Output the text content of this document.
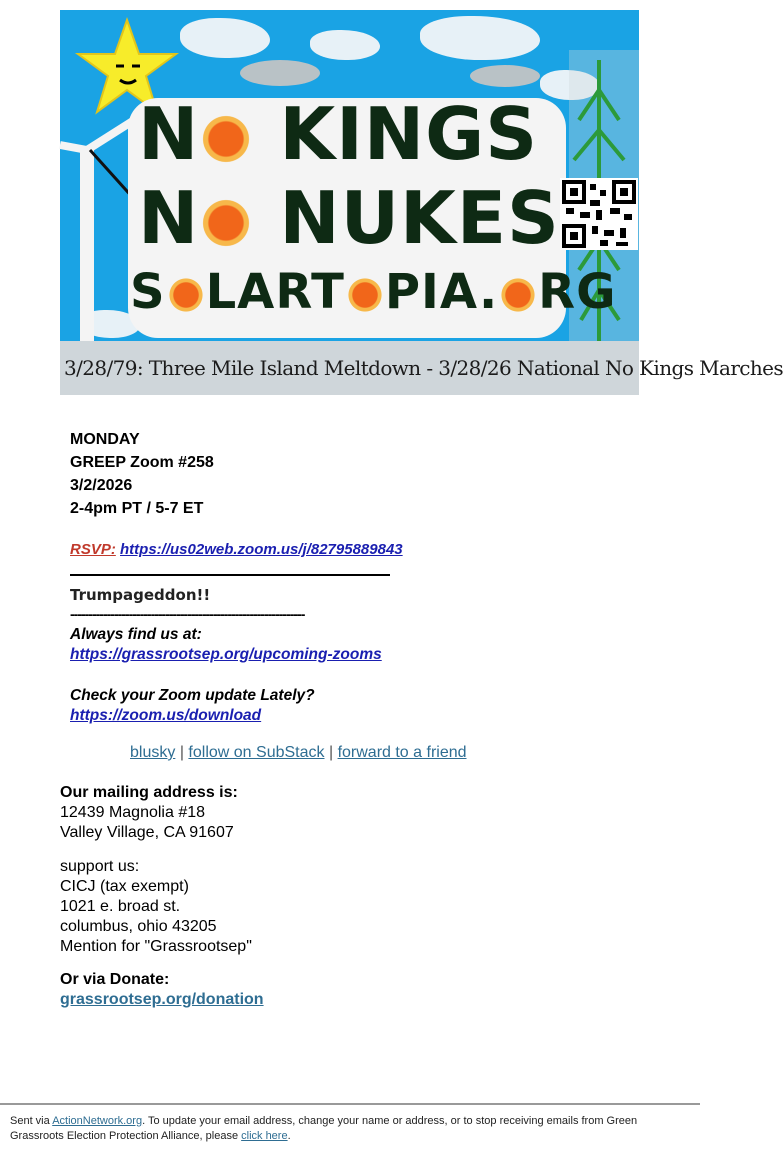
N KINGS
N NUKES
S LART PIA. RG
3/28/79: Three Mile Island Meltdown - 3/28/26 National No Kings Marches
MONDAY
GREEP Zoom #258
3/2/2026
2-4pm PT / 5-7 ET
RSVP: https://us02web.zoom.us/j/82795889843
Trumpageddon!!
----------------------------------------------------------------
Always find us at:
https://grassrootsep.org/upcoming-zooms
Check your Zoom update Lately?
https://zoom.us/download
blusky | follow on SubStack | forward to a friend
Our mailing address is:
12439 Magnolia #18
Valley Village, CA 91607
support us:
CICJ (tax exempt)
1021 e. broad st.
columbus, ohio 43205
Mention for "Grassrootsep"
Or via Donate:
grassrootsep.org/donation
Sent via ActionNetwork.org. To update your email address, change your name or address, or to stop receiving emails from Green Grassroots Election Protection Alliance, please click here.
